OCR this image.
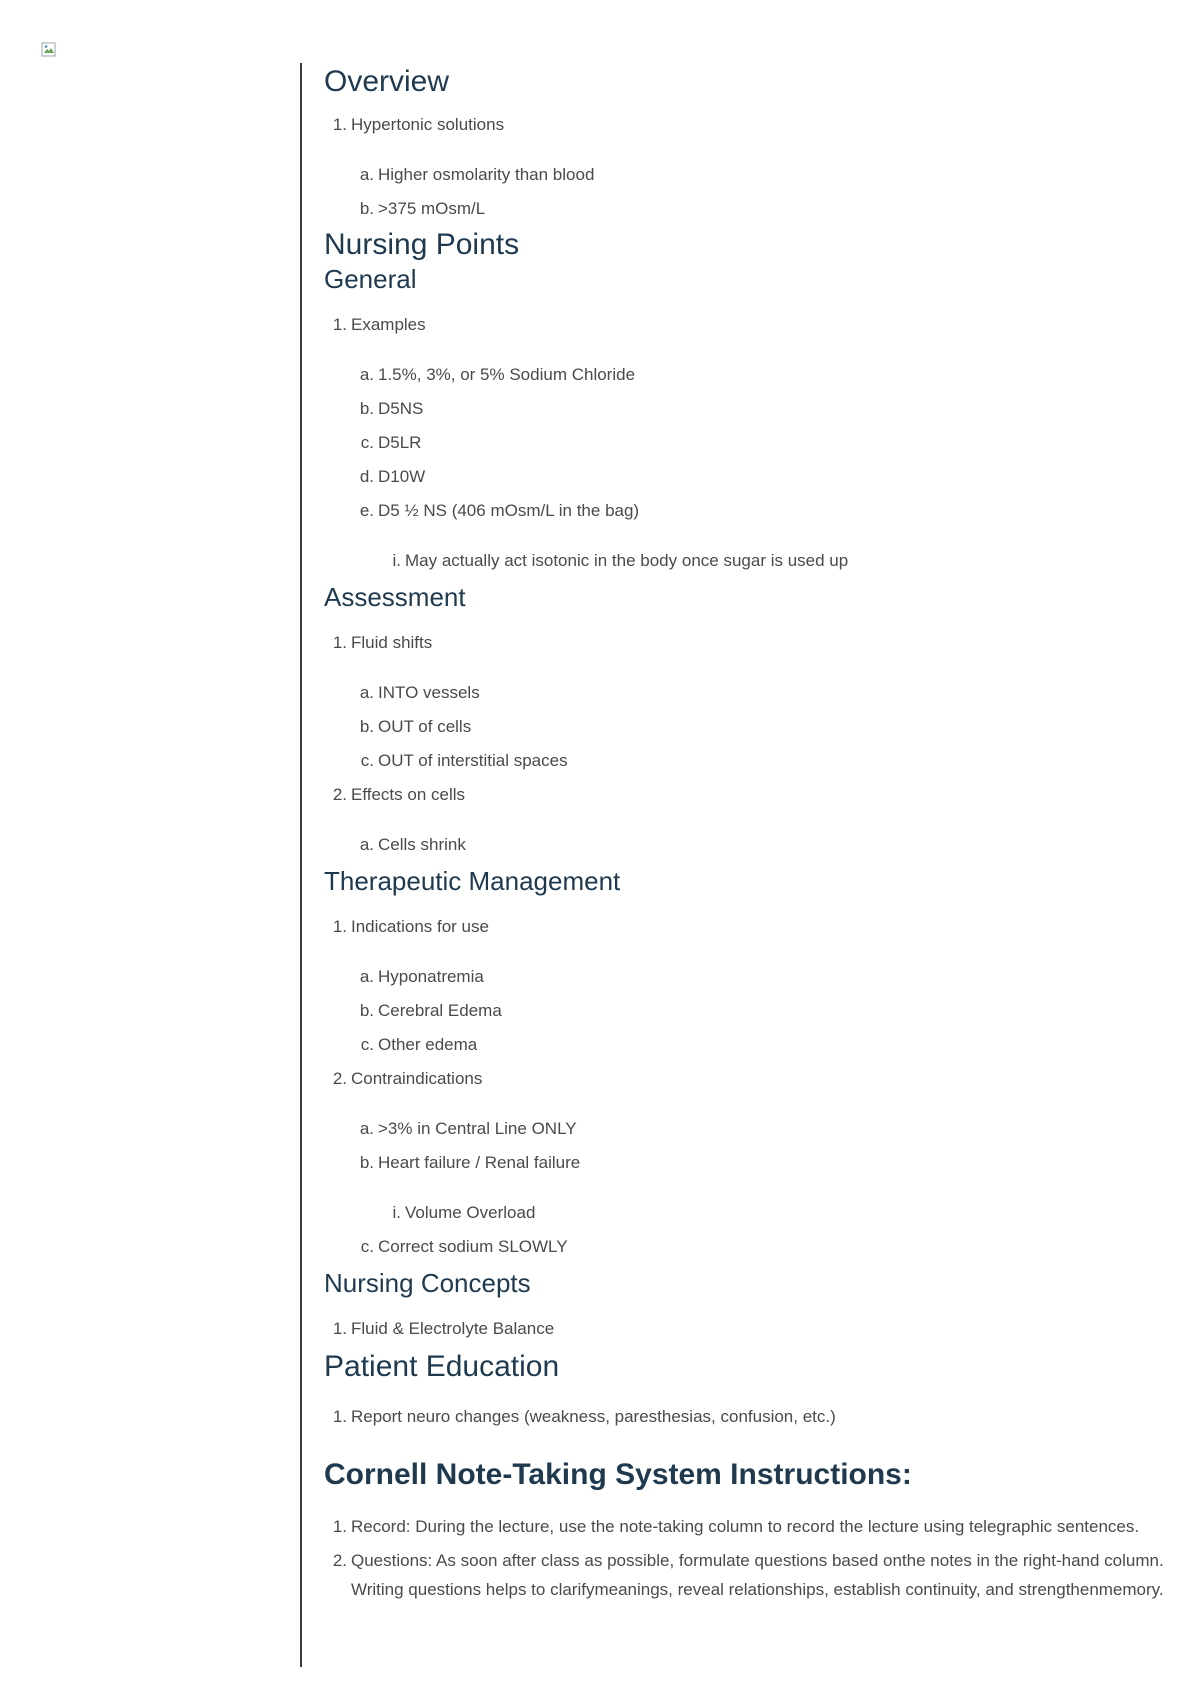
Overview
1. Hypertonic solutions
a. Higher osmolarity than blood
b. >375 mOsm/L
Nursing Points
General
1. Examples
a. 1.5%, 3%, or 5% Sodium Chloride
b. D5NS
c. D5LR
d. D10W
e. D5 ½ NS (406 mOsm/L in the bag)
i. May actually act isotonic in the body once sugar is used up
Assessment
1. Fluid shifts
a. INTO vessels
b. OUT of cells
c. OUT of interstitial spaces
2. Effects on cells
a. Cells shrink
Therapeutic Management
1. Indications for use
a. Hyponatremia
b. Cerebral Edema
c. Other edema
2. Contraindications
a. >3% in Central Line ONLY
b. Heart failure / Renal failure
i. Volume Overload
c. Correct sodium SLOWLY
Nursing Concepts
1. Fluid & Electrolyte Balance
Patient Education
1. Report neuro changes (weakness, paresthesias, confusion, etc.)
Cornell Note-Taking System Instructions:
1. Record: During the lecture, use the note-taking column to record the lecture using telegraphic sentences.
2. Questions: As soon after class as possible, formulate questions based onthe notes in the right-hand column.
Writing questions helps to clarifymeanings, reveal relationships, establish continuity, and strengthenmemory.
